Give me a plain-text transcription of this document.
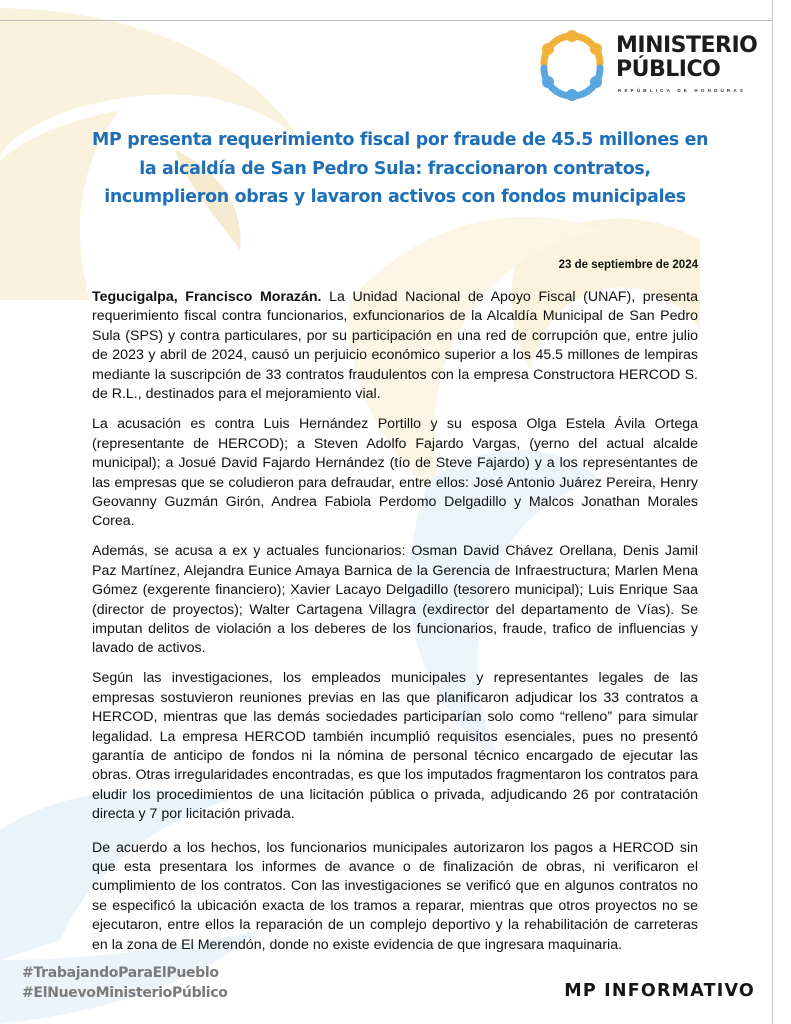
MINISTERIO
PÚBLICO
REPÚBLICA DE HONDURAS
MP presenta requerimiento fiscal por fraude de 45.5 millones en
la alcaldía de San Pedro Sula: fraccionaron contratos,
incumplieron obras y lavaron activos con fondos municipales
23 de septiembre de 2024

Tegucigalpa, Francisco Morazán. La Unidad Nacional de Apoyo Fiscal (UNAF), presenta requerimiento fiscal contra funcionarios, exfuncionarios de la Alcaldía Municipal de San Pedro Sula (SPS) y contra particulares, por su participación en una red de corrupción que, entre julio de 2023 y abril de 2024, causó un perjuicio económico superior a los 45.5 millones de lempiras mediante la suscripción de 33 contratos fraudulentos con la empresa Constructora HERCOD S. de R.L., destinados para el mejoramiento vial.

La acusación es contra Luis Hernández Portillo y su esposa Olga Estela Ávila Ortega (representante de HERCOD); a Steven Adolfo Fajardo Vargas, (yerno del actual alcalde municipal); a Josué David Fajardo Hernández (tío de Steve Fajardo) y a los representantes de las empresas que se coludieron para defraudar, entre ellos: José Antonio Juárez Pereira, Henry Geovanny Guzmán Girón, Andrea Fabiola Perdomo Delgadillo y Malcos Jonathan Morales Corea.

Además, se acusa a ex y actuales funcionarios: Osman David Chávez Orellana, Denis Jamil Paz Martínez, Alejandra Eunice Amaya Barnica de la Gerencia de Infraestructura; Marlen Mena Gómez (exgerente financiero); Xavier Lacayo Delgadillo (tesorero municipal); Luis Enrique Saa (director de proyectos); Walter Cartagena Villagra (exdirector del departamento de Vías). Se imputan delitos de violación a los deberes de los funcionarios, fraude, trafico de influencias y lavado de activos.

Según las investigaciones, los empleados municipales y representantes legales de las empresas sostuvieron reuniones previas en las que planificaron adjudicar los 33 contratos a HERCOD, mientras que las demás sociedades participarían solo como “relleno” para simular legalidad. La empresa HERCOD también incumplió requisitos esenciales, pues no presentó garantía de anticipo de fondos ni la nómina de personal técnico encargado de ejecutar las obras. Otras irregularidades encontradas, es que los imputados fragmentaron los contratos para eludir los procedimientos de una licitación pública o privada, adjudicando 26 por contratación directa y 7 por licitación privada.

De acuerdo a los hechos, los funcionarios municipales autorizaron los pagos a HERCOD sin que esta presentara los informes de avance o de finalización de obras, ni verificaron el cumplimiento de los contratos. Con las investigaciones se verificó que en algunos contratos no se especificó la ubicación exacta de los tramos a reparar, mientras que otros proyectos no se ejecutaron, entre ellos la reparación de un complejo deportivo y la rehabilitación de carreteras en la zona de El Merendón, donde no existe evidencia de que ingresara maquinaria.

#TrabajandoParaElPueblo
#ElNuevoMinisterioPúblico	MP INFORMATIVO
